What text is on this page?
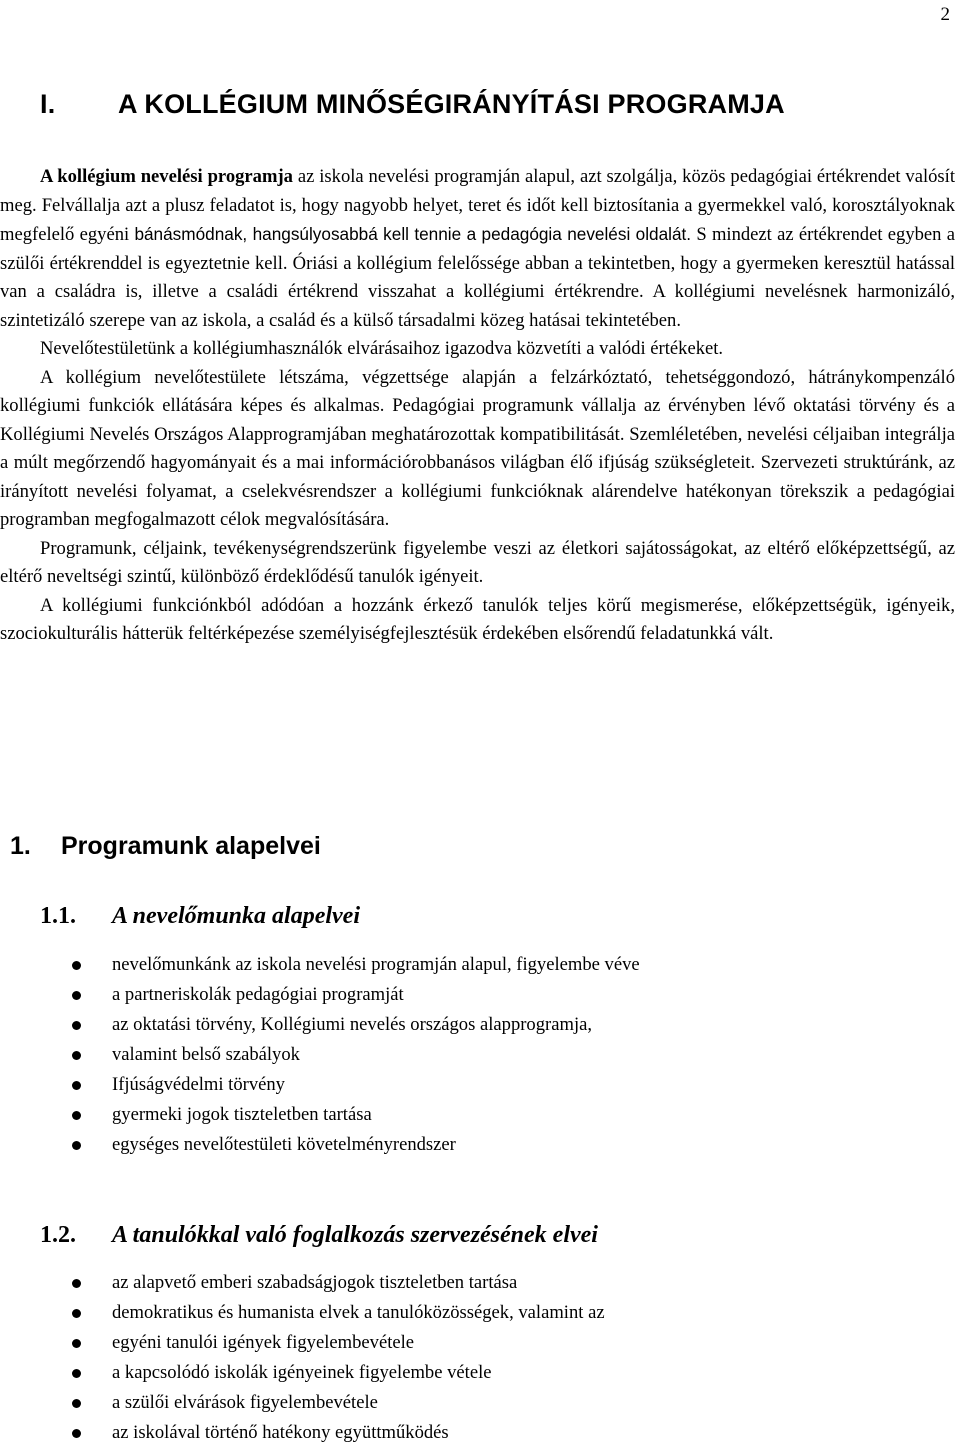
2
I. A KOLLÉGIUM MINŐSÉGIRÁNYÍTÁSI PROGRAMJA

A kollégium nevelési programja az iskola nevelési programján alapul, azt szolgálja, közös pedagógiai értékrendet valósít meg. Felvállalja azt a plusz feladatot is, hogy nagyobb helyet, teret és időt kell biztosítania a gyermekkel való, korosztályoknak megfelelő egyéni bánásmódnak, hangsúlyosabbá kell tennie a pedagógia nevelési oldalát. S mindezt az értékrendet egyben a szülői értékrenddel is egyeztetnie kell. Óriási a kollégium felelőssége abban a tekintetben, hogy a gyermeken keresztül hatással van a családra is, illetve a családi értékrend visszahat a kollégiumi értékrendre. A kollégiumi nevelésnek harmonizáló, szintetizáló szerepe van az iskola, a család és a külső társadalmi közeg hatásai tekintetében.

Nevelőtestületünk a kollégiumhasználók elvárásaihoz igazodva közvetíti a valódi értékeket.

A kollégium nevelőtestülete létszáma, végzettsége alapján a felzárkóztató, tehetséggondozó, hátránykompenzáló kollégiumi funkciók ellátására képes és alkalmas. Pedagógiai programunk vállalja az érvényben lévő oktatási törvény és a Kollégiumi Nevelés Országos Alapprogramjában meghatározottak kompatibilitását. Szemléletében, nevelési céljaiban integrálja a múlt megőrzendő hagyományait és a mai információrobbanásos világban élő ifjúság szükségleteit. Szervezeti struktúránk, az irányított nevelési folyamat, a cselekvésrendszer a kollégiumi funkcióknak alárendelve hatékonyan törekszik a pedagógiai programban megfogalmazott célok megvalósítására.

Programunk, céljaink, tevékenységrendszerünk figyelembe veszi az életkori sajátosságokat, az eltérő előképzettségű, az eltérő neveltségi szintű, különböző érdeklődésű tanulók igényeit.

A kollégiumi funkciónkból adódóan a hozzánk érkező tanulók teljes körű megismerése, előképzettségük, igényeik, szociokulturális hátterük feltérképezése személyiségfejlesztésük érdekében elsőrendű feladatunkká vált.

1. Programunk alapelvei
1.1. A nevelőmunka alapelvei
nevelőmunkánk az iskola nevelési programján alapul, figyelembe véve
a partneriskolák pedagógiai programját
az oktatási törvény, Kollégiumi nevelés országos alapprogramja,
valamint belső szabályok
Ifjúságvédelmi törvény
gyermeki jogok tiszteletben tartása
egységes nevelőtestületi követelményrendszer
1.2. A tanulókkal való foglalkozás szervezésének elvei
az alapvető emberi szabadságjogok tiszteletben tartása
demokratikus és humanista elvek a tanulóközösségek, valamint az
egyéni tanulói igények figyelembevétele
a kapcsolódó iskolák igényeinek figyelembe vétele
a szülői elvárások figyelembevétele
az iskolával történő hatékony együttműködés
